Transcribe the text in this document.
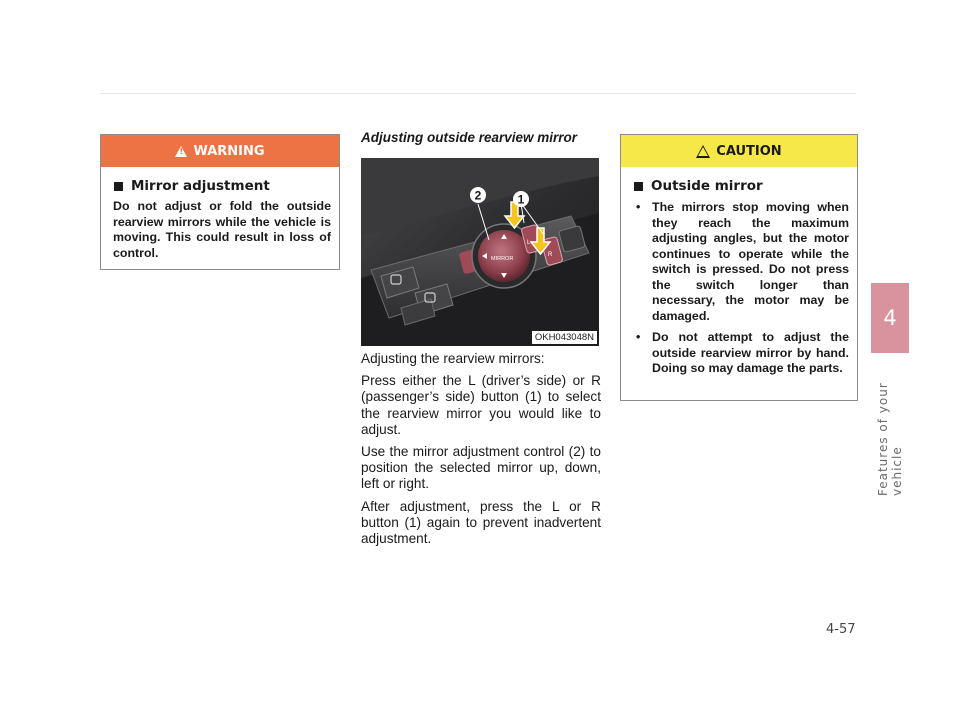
!
WARNING
Mirror adjustment
Do not adjust or fold the outside rearview mirrors while the vehicle is moving. This could result in loss of control.
Adjusting outside rearview mirror
MIRROR
L
R
2	1
OKH043048N

Adjusting the rearview mirrors:

Press either the L (driver’s side) or R (passenger’s side) button (1) to select the rearview mirror you would like to adjust.

Use the mirror adjustment control (2) to position the selected mirror up, down, left or right.

After adjustment, press the L or R button (1) again to prevent inadvertent adjustment.

CAUTION
Outside mirror
• The mirrors stop moving when they reach the maximum adjusting angles, but the motor continues to operate while the switch is pressed. Do not press the switch longer than necessary, the motor may be damaged.
• Do not attempt to adjust the outside rearview mirror by hand. Doing so may damage the parts.
4
Features of your vehicle
4-57
